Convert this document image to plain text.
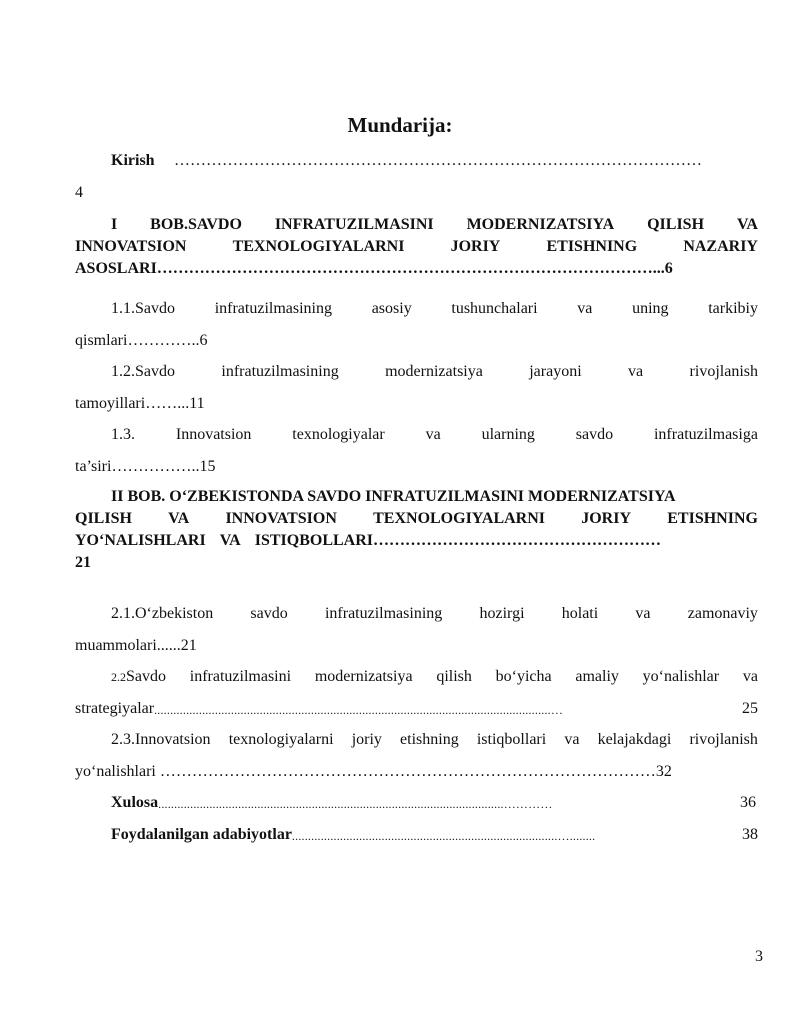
Mundarija:
Kirish ………………………………………………………………………………………
4
I BOB.SAVDO INFRATUZILMASINI MODERNIZATSIYA QILISH VA
INNOVATSION	TEXNOLOGIYALARNI	JORIY	ETISHNING	NAZARIY
ASOSLARI…………………………………………………………………………………...6
1.1.Savdo infratuzilmasining asosiy tushunchalari va uning tarkibiy
qismlari…………..6
1.2.Savdo	infratuzilmasining	modernizatsiya	jarayoni	va	rivojlanish
tamoyillari……...11
1.3.	Innovatsion	texnologiyalar	va	ularning	savdo	infratuzilmasiga
ta’siri……………..15
II BOB. O‘ZBEKISTONDA SAVDO INFRATUZILMASINI MODERNIZATSIYA
QILISH VA INNOVATSION TEXNOLOGIYALARNI JORIY ETISHNING
YO‘NALISHLARI VA ISTIQBOLLARI………………………………………………
21
2.1.O‘zbekiston savdo infratuzilmasining hozirgi holati va zamonaviy
muammolari......21
2.2Savdo infratuzilmasini modernizatsiya qilish bo‘yicha amaliy yo‘nalishlar va
strategiyalar ............................................................................................................................…	25
2.3.Innovatsion texnologiyalarni joriy etishning istiqbollari va kelajakdagi rivojlanish
yo‘nalishlari …………………………………………………………………………………32
Xulosa ............................................................................................................…………	36
Foydalanilgan adabiyotlar ...................................................................................…........	38
3
